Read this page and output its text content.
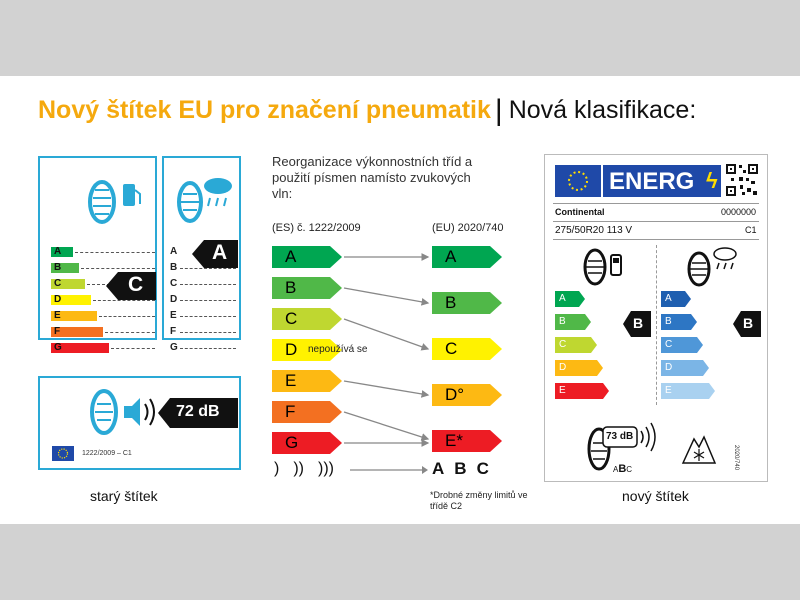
Nový štítek EU pro značení pneumatik | Nová klasifikace:
A
B
C
D
E
F
G
C
A
B
C
D
E
F
G
A
72 dB
1222/2009 – C1
starý štítek
Reorganizace výkonnostních tříd a použití písmen namísto zvukových vln:
(ES) č. 1222/2009	(EU) 2020/740
A
B
C
D
E
F
G
nepoužívá se
A
B
C
D°
E*
) )) )))	A B C
*Drobné změny limitů ve třídě C2
ENERG ϟ
Continental	0000000
275/50R20 113 V	C1
A
B
C
D
E
B
A
B
C
D
E
B
73 dB
ABC	2020/740
nový štítek
